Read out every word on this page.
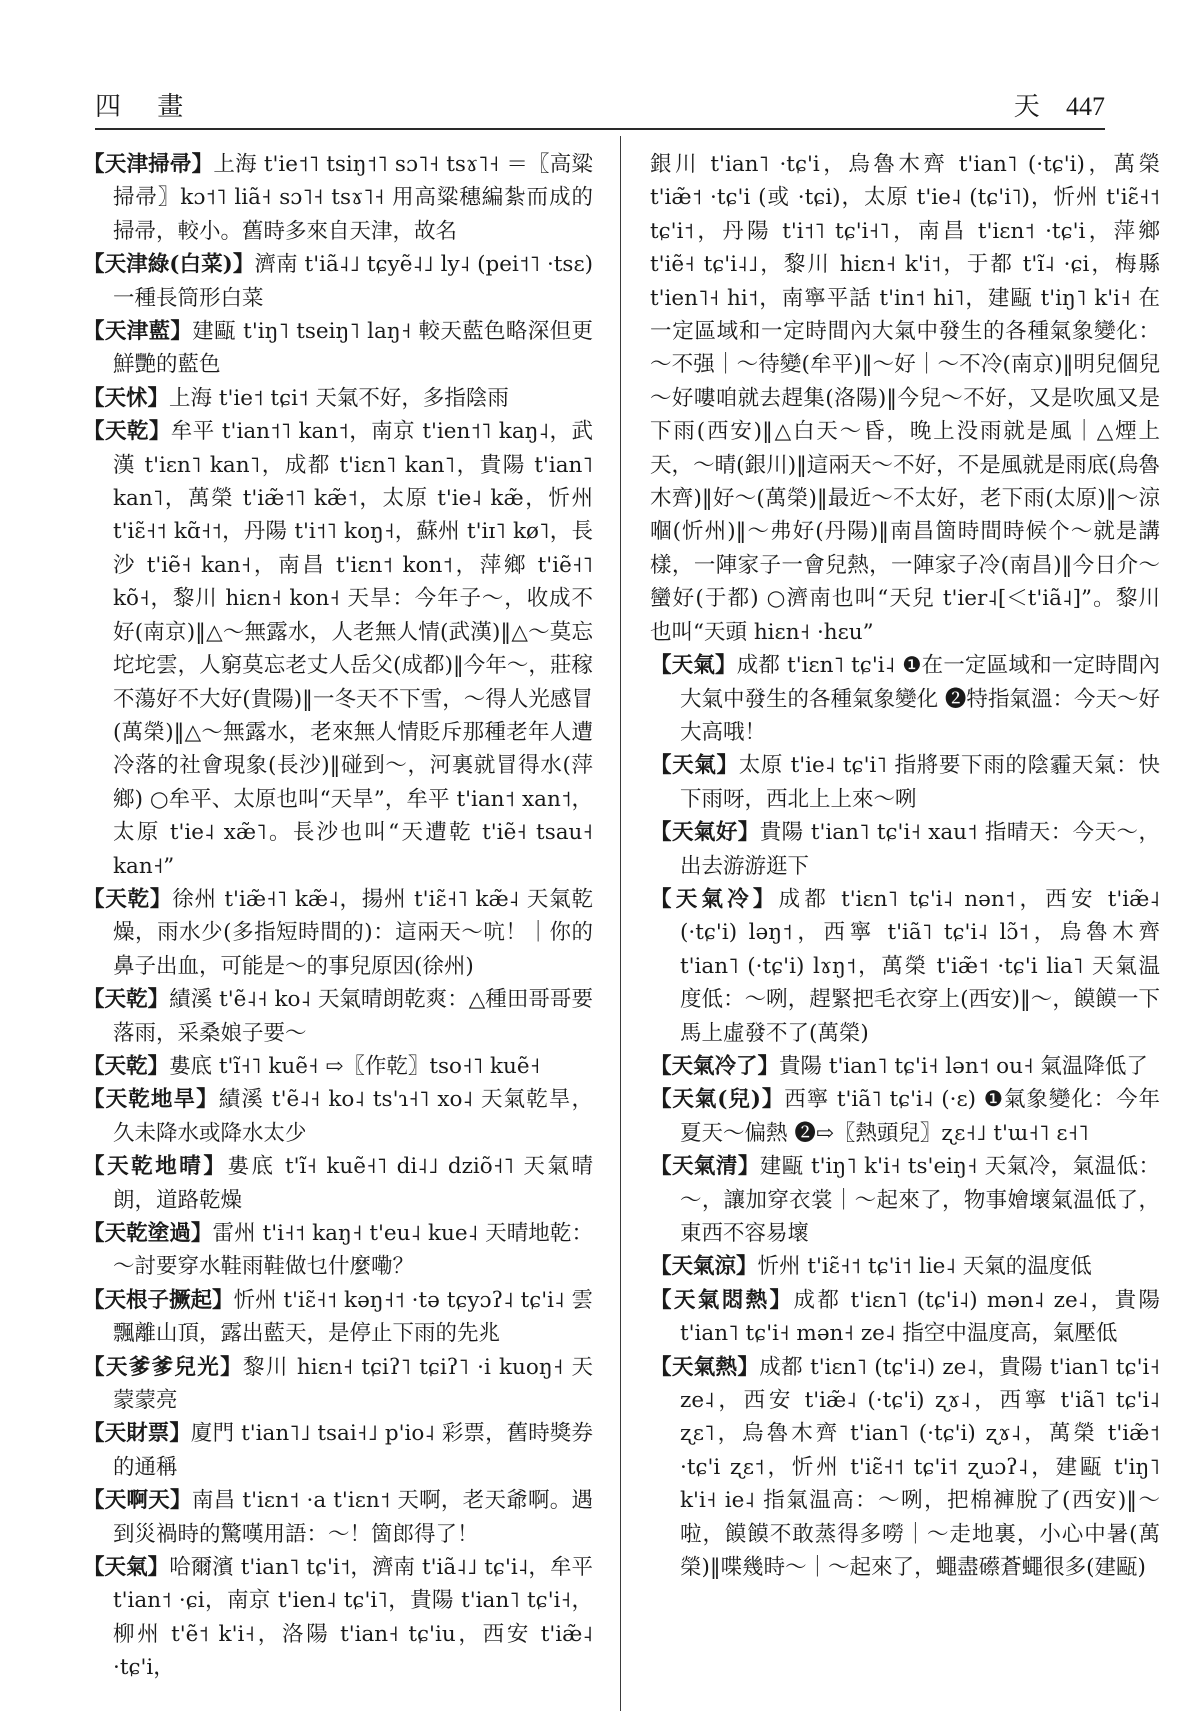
四 畫	天 447
【天津掃帚】上海 t'ie˦˥ tsiŋ˦˥ sɔ˥˧ tsɤ˥˧ ＝〖高粱掃帚〗kɔ˦˥ liã˧ sɔ˥˧ tsɤ˥˧ 用高粱穗編紮而成的掃帚，較小。舊時多來自天津，故名
【天津綠(白菜)】濟南 t'iã˨˩ tɕyẽ˨˩ ly˨ (pei˦˥ ·tsɛ) 一種長筒形白菜
【天津藍】建甌 t'iŋ˥ tseiŋ˥ laŋ˧ 較天藍色略深但更鮮艷的藍色
【天怵】上海 t'ie˦ tɕi˦ 天氣不好，多指陰雨
【天乾】牟平 t'ian˦˥ kan˦，南京 t'ien˦˥ kaŋ˨，武漢 t'iɛn˥ kan˥，成都 t'iɛn˥ kan˥，貴陽 t'ian˥ kan˥，萬榮 t'iæ̃˦˥ kæ̃˦，太原 t'ie˨ kæ̃，忻州 t'iɛ̃˧˦ kɑ̃˧˦，丹陽 t'i˦˥ koŋ˧，蘇州 t'iɪ˥ kø˥，長沙 t'iẽ˧ kan˧，南昌 t'iɛn˦ kon˦，萍鄉 t'iẽ˧˥ kõ˧，黎川 hiɛn˧ kon˧ 天旱：今年子～，收成不好(南京)‖△～無露水，人老無人情(武漢)‖△～莫忘坨坨雲，人窮莫忘老丈人岳父(成都)‖今年～，莊稼不蕩好不大好(貴陽)‖一冬天不下雪，～得人光感冒(萬榮)‖△～無露水，老來無人情貶斥那種老年人遭冷落的社會現象(長沙)‖碰到～，河裏就冒得水(萍鄉) ○牟平、太原也叫“天旱”，牟平 t'ian˦ xan˦，太原 t'ie˨ xæ̃˥。長沙也叫“天遭乾 t'iẽ˧ tsau˧ kan˧”
【天乾】徐州 t'iæ̃˧˥ kæ̃˨，揚州 t'iɛ̃˧˥ kæ̃˨ 天氣乾燥，雨水少(多指短時間的)：這兩天～吭！｜你的鼻子出血，可能是～的事兒原因(徐州)
【天乾】績溪 t'ẽ˨˧ ko˨ 天氣晴朗乾爽：△種田哥哥要落雨，采桑娘子要～
【天乾】婁底 t'ĩ˧˥ kuẽ˧ ⇨〖作乾〗tso˧˥ kuẽ˧
【天乾地旱】績溪 t'ẽ˨˧ ko˨ ts'ɿ˧˥ xo˨ 天氣乾旱，久未降水或降水太少
【天乾地晴】婁底 t'ĩ˧ kuẽ˧˥ di˨˩ dziõ˧˥ 天氣晴朗，道路乾燥
【天乾塗過】雷州 t'i˧˦ kaŋ˧ t'eu˨ kue˨ 天晴地乾：～討要穿水鞋雨鞋做乜什麼嘞？
【天根子撅起】忻州 t'iɛ̃˧˦ kəŋ˧˦ ·tə tɕyɔʔ˨ tɕ'i˨ 雲飄離山頂，露出藍天，是停止下雨的先兆
【天爹爹兒光】黎川 hiɛn˧ tɕiʔ˥ tɕiʔ˥ ·i kuoŋ˧ 天蒙蒙亮
【天財票】廈門 t'ian˥˩ tsai˧˩ p'io˨ 彩票，舊時獎券的通稱
【天啊天】南昌 t'iɛn˦ ·a t'iɛn˦ 天啊，老天爺啊。遇到災禍時的驚嘆用語：～！箇郎得了！
【天氣】哈爾濱 t'ian˥ tɕ'i˦，濟南 t'iã˨˩ tɕ'i˨，牟平 t'ian˦ ·ɕi，南京 t'ien˨ tɕ'i˥，貴陽 t'ian˥ tɕ'i˧，柳州 t'ẽ˦ k'i˧，洛陽 t'ian˧ tɕ'iu，西安 t'iæ̃˨ ·tɕ'i，
銀川 t'ian˥ ·tɕ'i，烏魯木齊 t'ian˥ (·tɕ'i)，萬榮 t'iæ̃˦ ·tɕ'i (或 ·tɕi)，太原 t'ie˨ (tɕ'i˥)，忻州 t'iɛ̃˧˦ tɕ'i˦，丹陽 t'i˦˥ tɕ'i˧˥，南昌 t'iɛn˦ ·tɕ'i，萍鄉 t'iẽ˧ tɕ'i˨˩，黎川 hiɛn˧ k'i˦，于都 t'ĩ˨ ·ɕi，梅縣 t'ien˥˧ hi˦，南寧平話 t'in˦ hi˥，建甌 t'iŋ˥ k'i˧ 在一定區域和一定時間內大氣中發生的各種氣象變化：～不强｜～待變(牟平)‖～好｜～不冷(南京)‖明兒個兒～好嘍咱就去趕集(洛陽)‖今兒～不好，又是吹風又是下雨(西安)‖△白天～昏，晚上没雨就是風｜△煙上天，～晴(銀川)‖這兩天～不好，不是風就是雨底(烏魯木齊)‖好～(萬榮)‖最近～不太好，老下雨(太原)‖～涼嗰(忻州)‖～弗好(丹陽)‖南昌箇時間時候个～就是講樣，一陣家子一會兒熱，一陣家子冷(南昌)‖今日介～蠻好(于都) ○濟南也叫“天兒 t'ier˨[＜t'iã˨]”。黎川也叫“天頭 hiɛn˧ ·hɛu”
【天氣】成都 t'iɛn˥ tɕ'i˨ ❶在一定區域和一定時間內大氣中發生的各種氣象變化 ❷特指氣溫：今天～好大高哦！
【天氣】太原 t'ie˨ tɕ'i˥ 指將要下雨的陰霾天氣：快下雨呀，西北上上來～咧
【天氣好】貴陽 t'ian˥ tɕ'i˧ xau˦ 指晴天：今天～，出去游游逛下
【天氣冷】成都 t'iɛn˥ tɕ'i˨ nən˦，西安 t'iæ̃˨ (·tɕ'i) ləŋ˦，西寧 t'iã˥ tɕ'i˨ lɔ̃˦，烏魯木齊 t'ian˥ (·tɕ'i) lɤŋ˦，萬榮 t'iæ̃˦ ·tɕ'i lia˥ 天氣温度低：～咧，趕緊把毛衣穿上(西安)‖～，饃饃一下馬上虛發不了(萬榮)
【天氣冷了】貴陽 t'ian˥ tɕ'i˧ lən˦ ou˧ 氣温降低了
【天氣(兒)】西寧 t'iã˥ tɕ'i˨ (·ɛ) ❶氣象變化：今年夏天～偏熱 ❷⇨〖熱頭兒〗ʐɛ˧˩ t'ɯ˧˥ ɛ˧˥
【天氣清】建甌 t'iŋ˥ k'i˧ ts'eiŋ˧ 天氣冷，氣温低：～，讓加穿衣裳｜～起來了，物事嬒壞氣温低了，東西不容易壞
【天氣涼】忻州 t'iɛ̃˧˦ tɕ'i˦ lie˨ 天氣的温度低
【天氣悶熱】成都 t'iɛn˥ (tɕ'i˨) mən˨ ze˨，貴陽 t'ian˥ tɕ'i˧ mən˧ ze˨ 指空中温度高，氣壓低
【天氣熱】成都 t'iɛn˥ (tɕ'i˨) ze˨，貴陽 t'ian˥ tɕ'i˧ ze˨，西安 t'iæ̃˨ (·tɕ'i) ʐɤ˨，西寧 t'iã˥ tɕ'i˨ ʐɛ˥，烏魯木齊 t'ian˥ (·tɕ'i) ʐɤ˨，萬榮 t'iæ̃˦ ·tɕ'i ʐɛ˦，忻州 t'iɛ̃˧˦ tɕ'i˦ ʐuɔʔ˨，建甌 t'iŋ˥ k'i˧ ie˨ 指氣温高：～咧，把棉褲脫了(西安)‖～啦，饃饃不敢蒸得多嘮｜～走地裏，小心中暑(萬榮)‖喋幾時～｜～起來了，蠅盡礤蒼蠅很多(建甌)
